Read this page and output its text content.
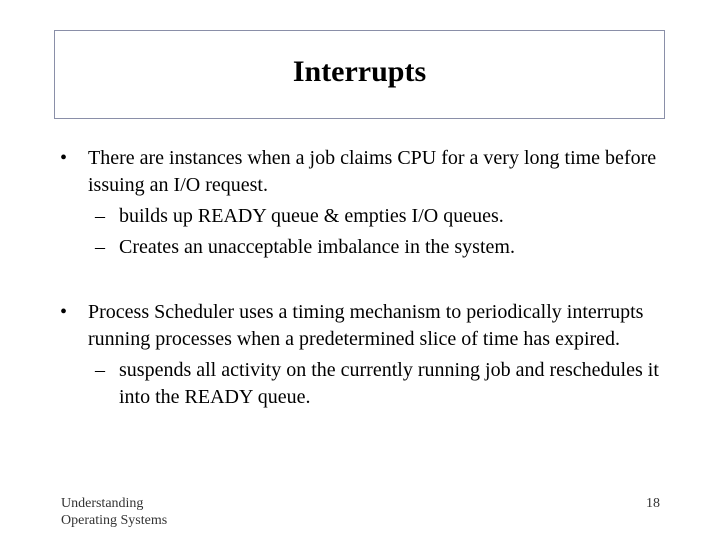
Interrupts
• There are instances when a job claims CPU for a very long time before issuing an I/O request.
– builds up READY queue & empties I/O queues.
– Creates an unacceptable imbalance in the system.
• Process Scheduler uses a timing mechanism to periodically interrupts running processes when a predetermined slice of time has expired.
– suspends all activity on the currently running job and reschedules it into the READY queue.
Understanding
Operating Systems
18
